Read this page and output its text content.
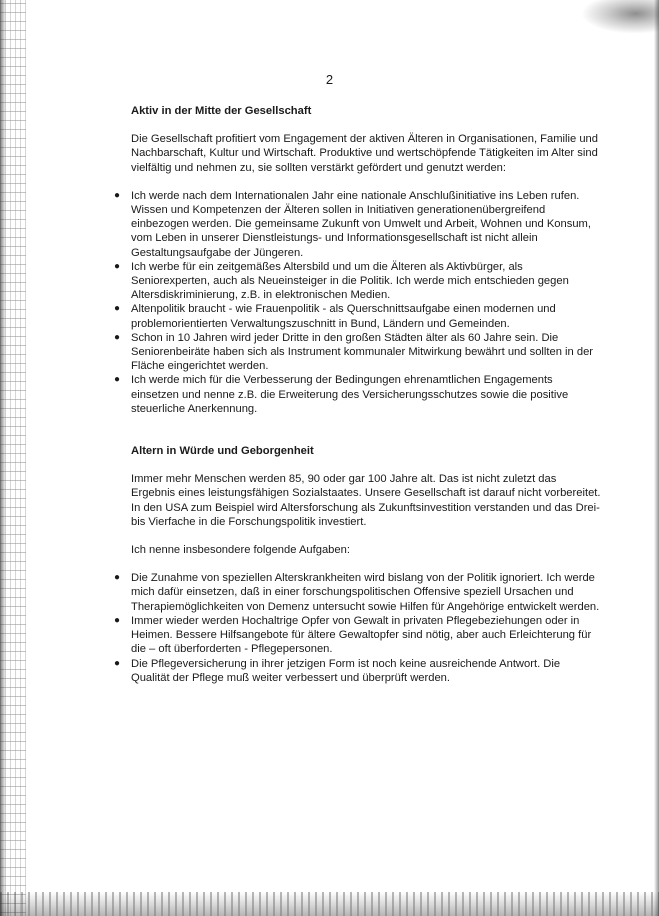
2
Aktiv in der Mitte der Gesellschaft
Die Gesellschaft profitiert vom Engagement der aktiven Älteren in Organisationen, Familie und Nachbarschaft, Kultur und Wirtschaft. Produktive und wertschöpfende Tätigkeiten im Alter sind vielfältig und nehmen zu, sie sollten verstärkt gefördert und genutzt werden:
● Ich werde nach dem Internationalen Jahr eine nationale Anschlußinitiative ins Leben rufen. Wissen und Kompetenzen der Älteren sollen in Initiativen generationenübergreifend einbezogen werden. Die gemeinsame Zukunft von Umwelt und Arbeit, Wohnen und Konsum, vom Leben in unserer Dienstleistungs- und Informationsgesellschaft ist nicht allein Gestaltungsaufgabe der Jüngeren.
● Ich werbe für ein zeitgemäßes Altersbild und um die Älteren als Aktivbürger, als Seniorexperten, auch als Neueinsteiger in die Politik. Ich werde mich entschieden gegen Altersdiskriminierung, z.B. in elektronischen Medien.
● Altenpolitik braucht - wie Frauenpolitik - als Querschnittsaufgabe einen modernen und problemorientierten Verwaltungszuschnitt in Bund, Ländern und Gemeinden.
● Schon in 10 Jahren wird jeder Dritte in den großen Städten älter als 60 Jahre sein. Die Seniorenbeiräte haben sich als Instrument kommunaler Mitwirkung bewährt und sollten in der Fläche eingerichtet werden.
● Ich werde mich für die Verbesserung der Bedingungen ehrenamtlichen Engagements einsetzen und nenne z.B. die Erweiterung des Versicherungsschutzes sowie die positive steuerliche Anerkennung.
Altern in Würde und Geborgenheit
Immer mehr Menschen werden 85, 90 oder gar 100 Jahre alt. Das ist nicht zuletzt das Ergebnis eines leistungsfähigen Sozialstaates. Unsere Gesellschaft ist darauf nicht vorbereitet. In den USA zum Beispiel wird Altersforschung als Zukunftsinvestition verstanden und das Drei- bis Vierfache in die Forschungspolitik investiert.
Ich nenne insbesondere folgende Aufgaben:
● Die Zunahme von speziellen Alterskrankheiten wird bislang von der Politik ignoriert. Ich werde mich dafür einsetzen, daß in einer forschungspolitischen Offensive speziell Ursachen und Therapiemöglichkeiten von Demenz untersucht sowie Hilfen für Angehörige entwickelt werden.
● Immer wieder werden Hochaltrige Opfer von Gewalt in privaten Pflegebeziehungen oder in Heimen. Bessere Hilfsangebote für ältere Gewaltopfer sind nötig, aber auch Erleichterung für die – oft überforderten - Pflegepersonen.
● Die Pflegeversicherung in ihrer jetzigen Form ist noch keine ausreichende Antwort. Die Qualität der Pflege muß weiter verbessert und überprüft werden.
